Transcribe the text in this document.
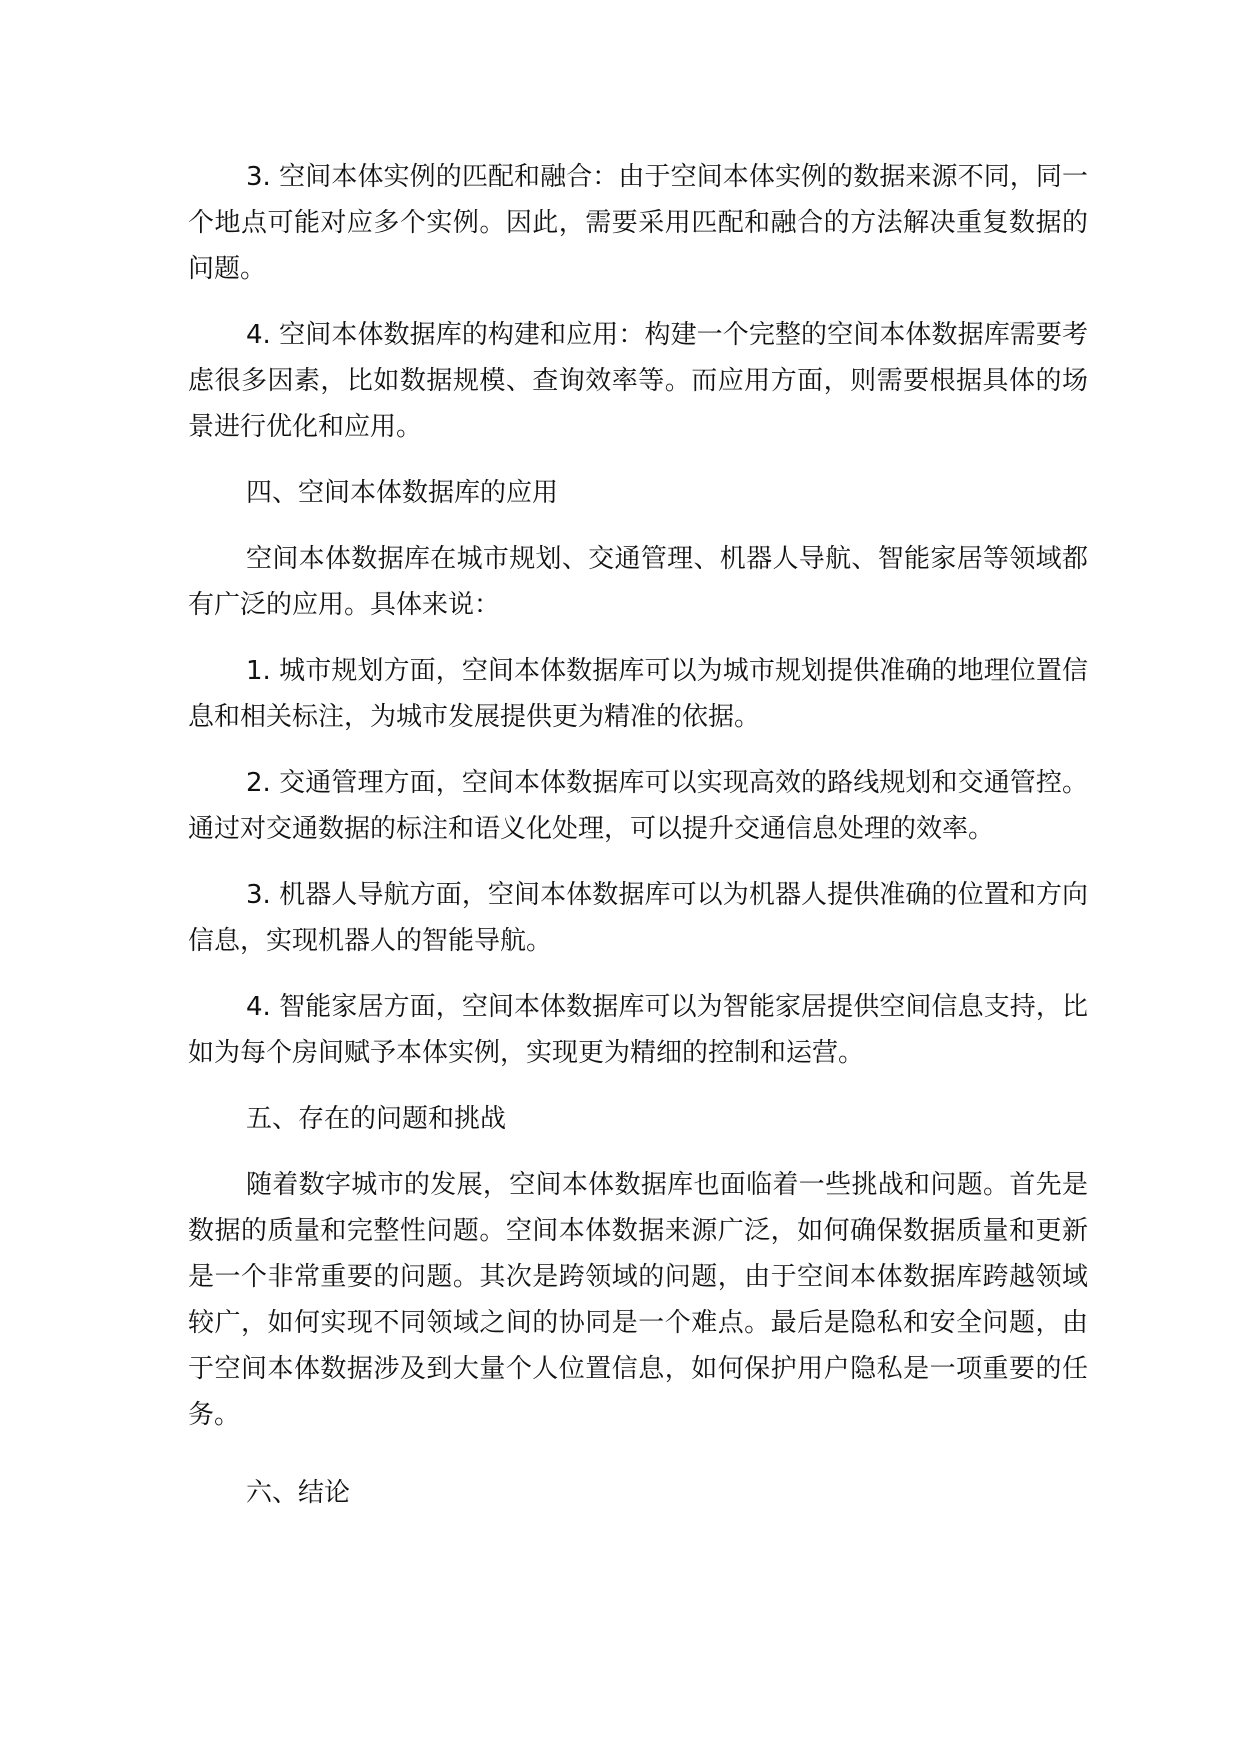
3. 空间本体实例的匹配和融合：由于空间本体实例的数据来源不同，同一个地点可能对应多个实例。因此，需要采用匹配和融合的方法解决重复数据的问题。

4. 空间本体数据库的构建和应用：构建一个完整的空间本体数据库需要考虑很多因素，比如数据规模、查询效率等。而应用方面，则需要根据具体的场景进行优化和应用。

四、空间本体数据库的应用

空间本体数据库在城市规划、交通管理、机器人导航、智能家居等领域都有广泛的应用。具体来说：

1. 城市规划方面，空间本体数据库可以为城市规划提供准确的地理位置信息和相关标注，为城市发展提供更为精准的依据。

2. 交通管理方面，空间本体数据库可以实现高效的路线规划和交通管控。通过对交通数据的标注和语义化处理，可以提升交通信息处理的效率。

3. 机器人导航方面，空间本体数据库可以为机器人提供准确的位置和方向信息，实现机器人的智能导航。

4. 智能家居方面，空间本体数据库可以为智能家居提供空间信息支持，比如为每个房间赋予本体实例，实现更为精细的控制和运营。

五、存在的问题和挑战

随着数字城市的发展，空间本体数据库也面临着一些挑战和问题。首先是数据的质量和完整性问题。空间本体数据来源广泛，如何确保数据质量和更新是一个非常重要的问题。其次是跨领域的问题，由于空间本体数据库跨越领域较广，如何实现不同领域之间的协同是一个难点。最后是隐私和安全问题，由于空间本体数据涉及到大量个人位置信息，如何保护用户隐私是一项重要的任务。

六、结论
